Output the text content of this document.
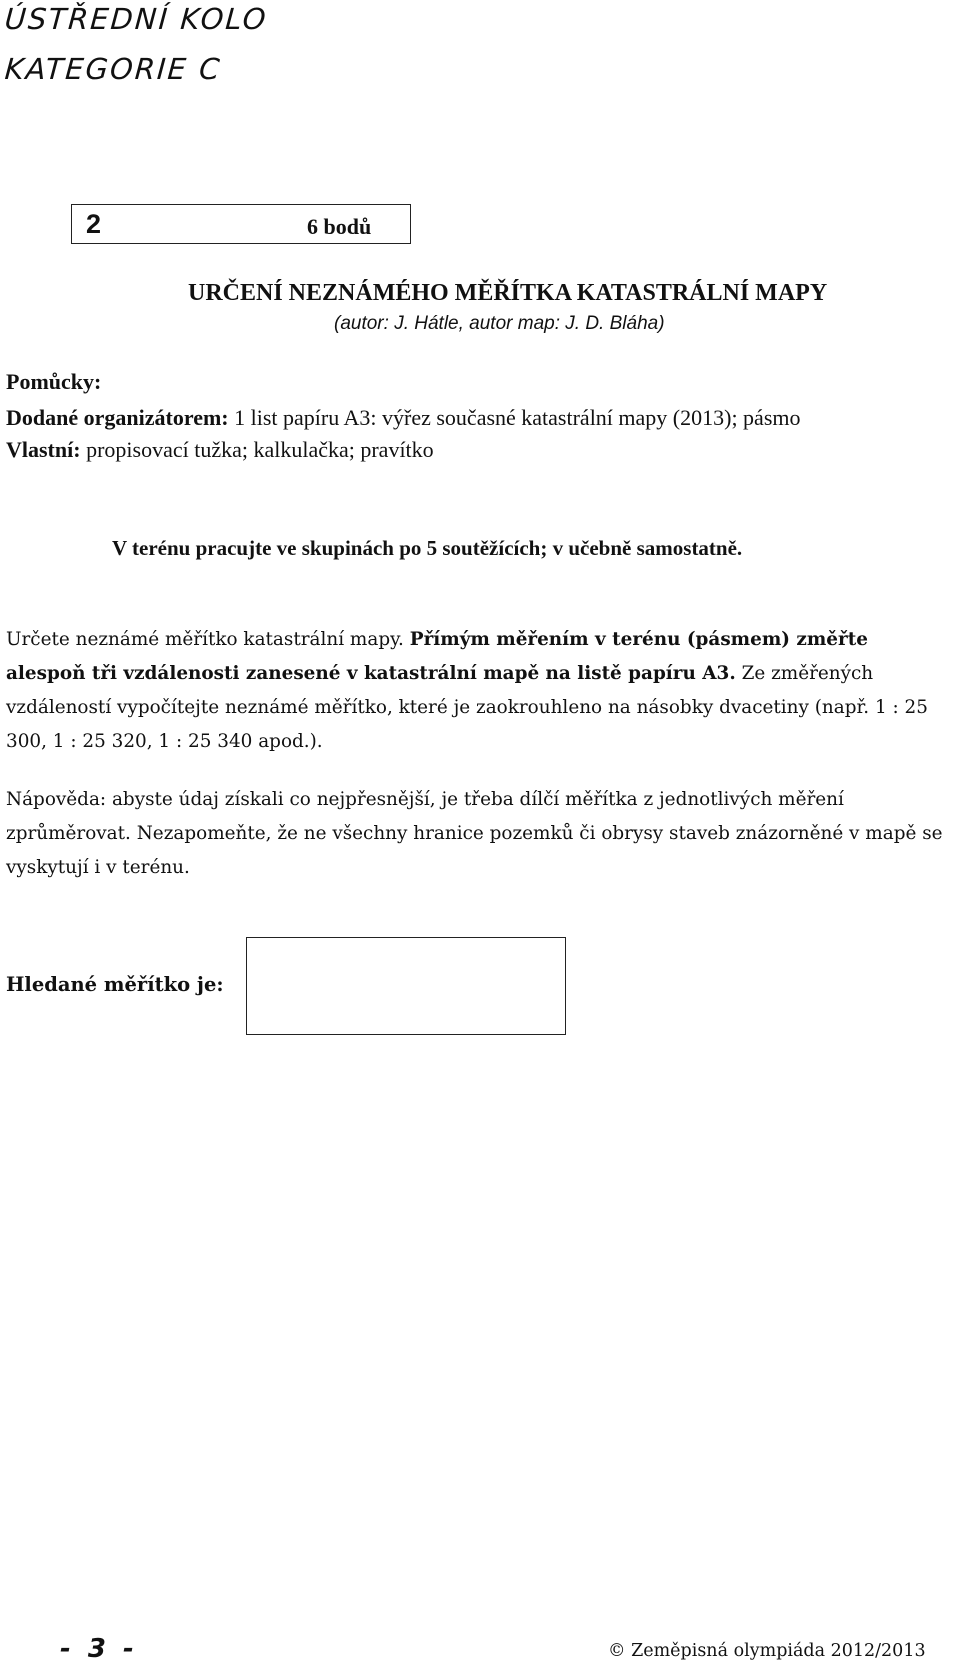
ÚSTŘEDNÍ KOLO
KATEGORIE C
2	6 bodů
URČENÍ NEZNÁMÉHO MĚŘÍTKA KATASTRÁLNÍ MAPY
(autor: J. Hátle, autor map: J. D. Bláha)
Pomůcky:
Dodané organizátorem: 1 list papíru A3: výřez současné katastrální mapy (2013); pásmo
Vlastní: propisovací tužka; kalkulačka; pravítko
V terénu pracujte ve skupinách po 5 soutěžících; v učebně samostatně.

Určete neznámé měřítko katastrální mapy. Přímým měřením v terénu (pásmem) změřte alespoň tři vzdálenosti zanesené v katastrální mapě na listě papíru A3. Ze změřených vzdáleností vypočítejte neznámé měřítko, které je zaokrouhleno na násobky dvacetiny (např. 1 : 25 300, 1 : 25 320, 1 : 25 340 apod.).

Nápověda: abyste údaj získali co nejpřesnější, je třeba dílčí měřítka z jednotlivých měření zprůměrovat. Nezapomeňte, že ne všechny hranice pozemků či obrysy staveb znázorněné v mapě se vyskytují i v terénu.

Hledané měřítko je:
- 3 -	© Zeměpisná olympiáda 2012/2013
